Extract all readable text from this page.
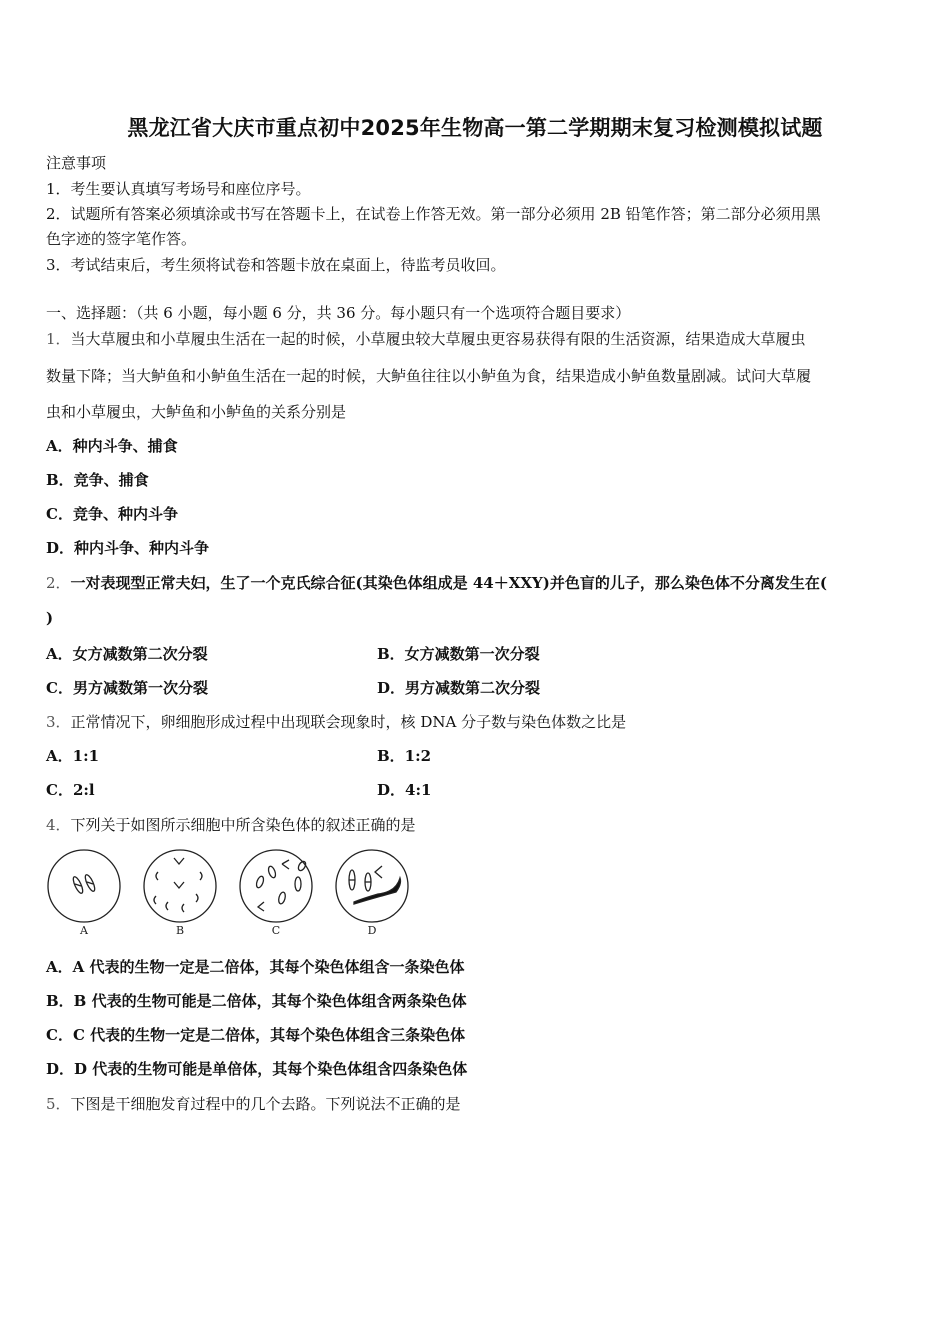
黑龙江省大庆市重点初中2025年生物高一第二学期期末复习检测模拟试题
注意事项
1．考生要认真填写考场号和座位序号。
2．试题所有答案必须填涂或书写在答题卡上，在试卷上作答无效。第一部分必须用 2B 铅笔作答；第二部分必须用黑
色字迹的签字笔作答。
3．考试结束后，考生须将试卷和答题卡放在桌面上，待监考员收回。
一、选择题：（共 6 小题，每小题 6 分，共 36 分。每小题只有一个选项符合题目要求）
1．当大草履虫和小草履虫生活在一起的时候，小草履虫较大草履虫更容易获得有限的生活资源，结果造成大草履虫
数量下降；当大鲈鱼和小鲈鱼生活在一起的时候，大鲈鱼往往以小鲈鱼为食，结果造成小鲈鱼数量剧减。试问大草履
虫和小草履虫，大鲈鱼和小鲈鱼的关系分别是
A．种内斗争、捕食
B．竞争、捕食
C．竞争、种内斗争
D．种内斗争、种内斗争
2．一对表现型正常夫妇，生了一个克氏综合征(其染色体组成是 44＋XXY)并色盲的儿子，那么染色体不分离发生在(
)
A．女方减数第二次分裂	B．女方减数第一次分裂
C．男方减数第一次分裂	D．男方减数第二次分裂
3．正常情况下，卵细胞形成过程中出现联会现象时，核 DNA 分子数与染色体数之比是
A．1:1	B．1:2
C．2:l	D．4:1
4．下列关于如图所示细胞中所含染色体的叙述正确的是
A	B	C	D
A．A 代表的生物一定是二倍体，其每个染色体组含一条染色体
B．B 代表的生物可能是二倍体，其每个染色体组含两条染色体
C．C 代表的生物一定是二倍体，其每个染色体组含三条染色体
D．D 代表的生物可能是单倍体，其每个染色体组含四条染色体
5．下图是干细胞发育过程中的几个去路。下列说法不正确的是
